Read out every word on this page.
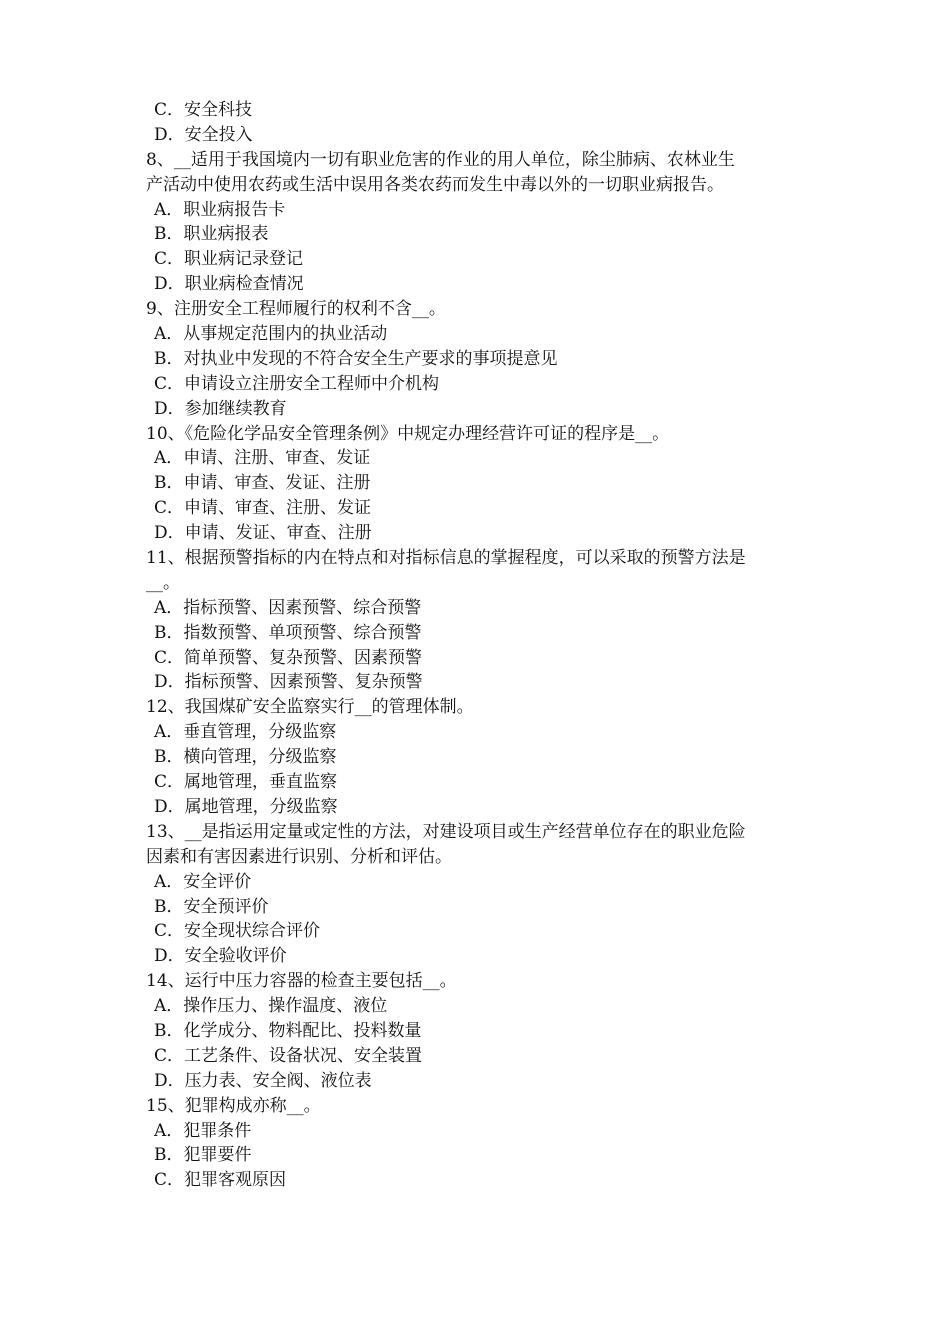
C．安全科技
D．安全投入
8、__适用于我国境内一切有职业危害的作业的用人单位，除尘肺病、农林业生
产活动中使用农药或生活中误用各类农药而发生中毒以外的一切职业病报告。
A．职业病报告卡
B．职业病报表
C．职业病记录登记
D．职业病检查情况
9、注册安全工程师履行的权利不含__。
A．从事规定范围内的执业活动
B．对执业中发现的不符合安全生产要求的事项提意见
C．申请设立注册安全工程师中介机构
D．参加继续教育
10、《危险化学品安全管理条例》中规定办理经营许可证的程序是__。
A．申请、注册、审查、发证
B．申请、审查、发证、注册
C．申请、审查、注册、发证
D．申请、发证、审查、注册
11、根据预警指标的内在特点和对指标信息的掌握程度，可以采取的预警方法是
__。
A．指标预警、因素预警、综合预警
B．指数预警、单项预警、综合预警
C．简单预警、复杂预警、因素预警
D．指标预警、因素预警、复杂预警
12、我国煤矿安全监察实行__的管理体制。
A．垂直管理，分级监察
B．横向管理，分级监察
C．属地管理，垂直监察
D．属地管理，分级监察
13、__是指运用定量或定性的方法，对建设项目或生产经营单位存在的职业危险
因素和有害因素进行识别、分析和评估。
A．安全评价
B．安全预评价
C．安全现状综合评价
D．安全验收评价
14、运行中压力容器的检查主要包括__。
A．操作压力、操作温度、液位
B．化学成分、物料配比、投料数量
C．工艺条件、设备状况、安全装置
D．压力表、安全阀、液位表
15、犯罪构成亦称__。
A．犯罪条件
B．犯罪要件
C．犯罪客观原因
